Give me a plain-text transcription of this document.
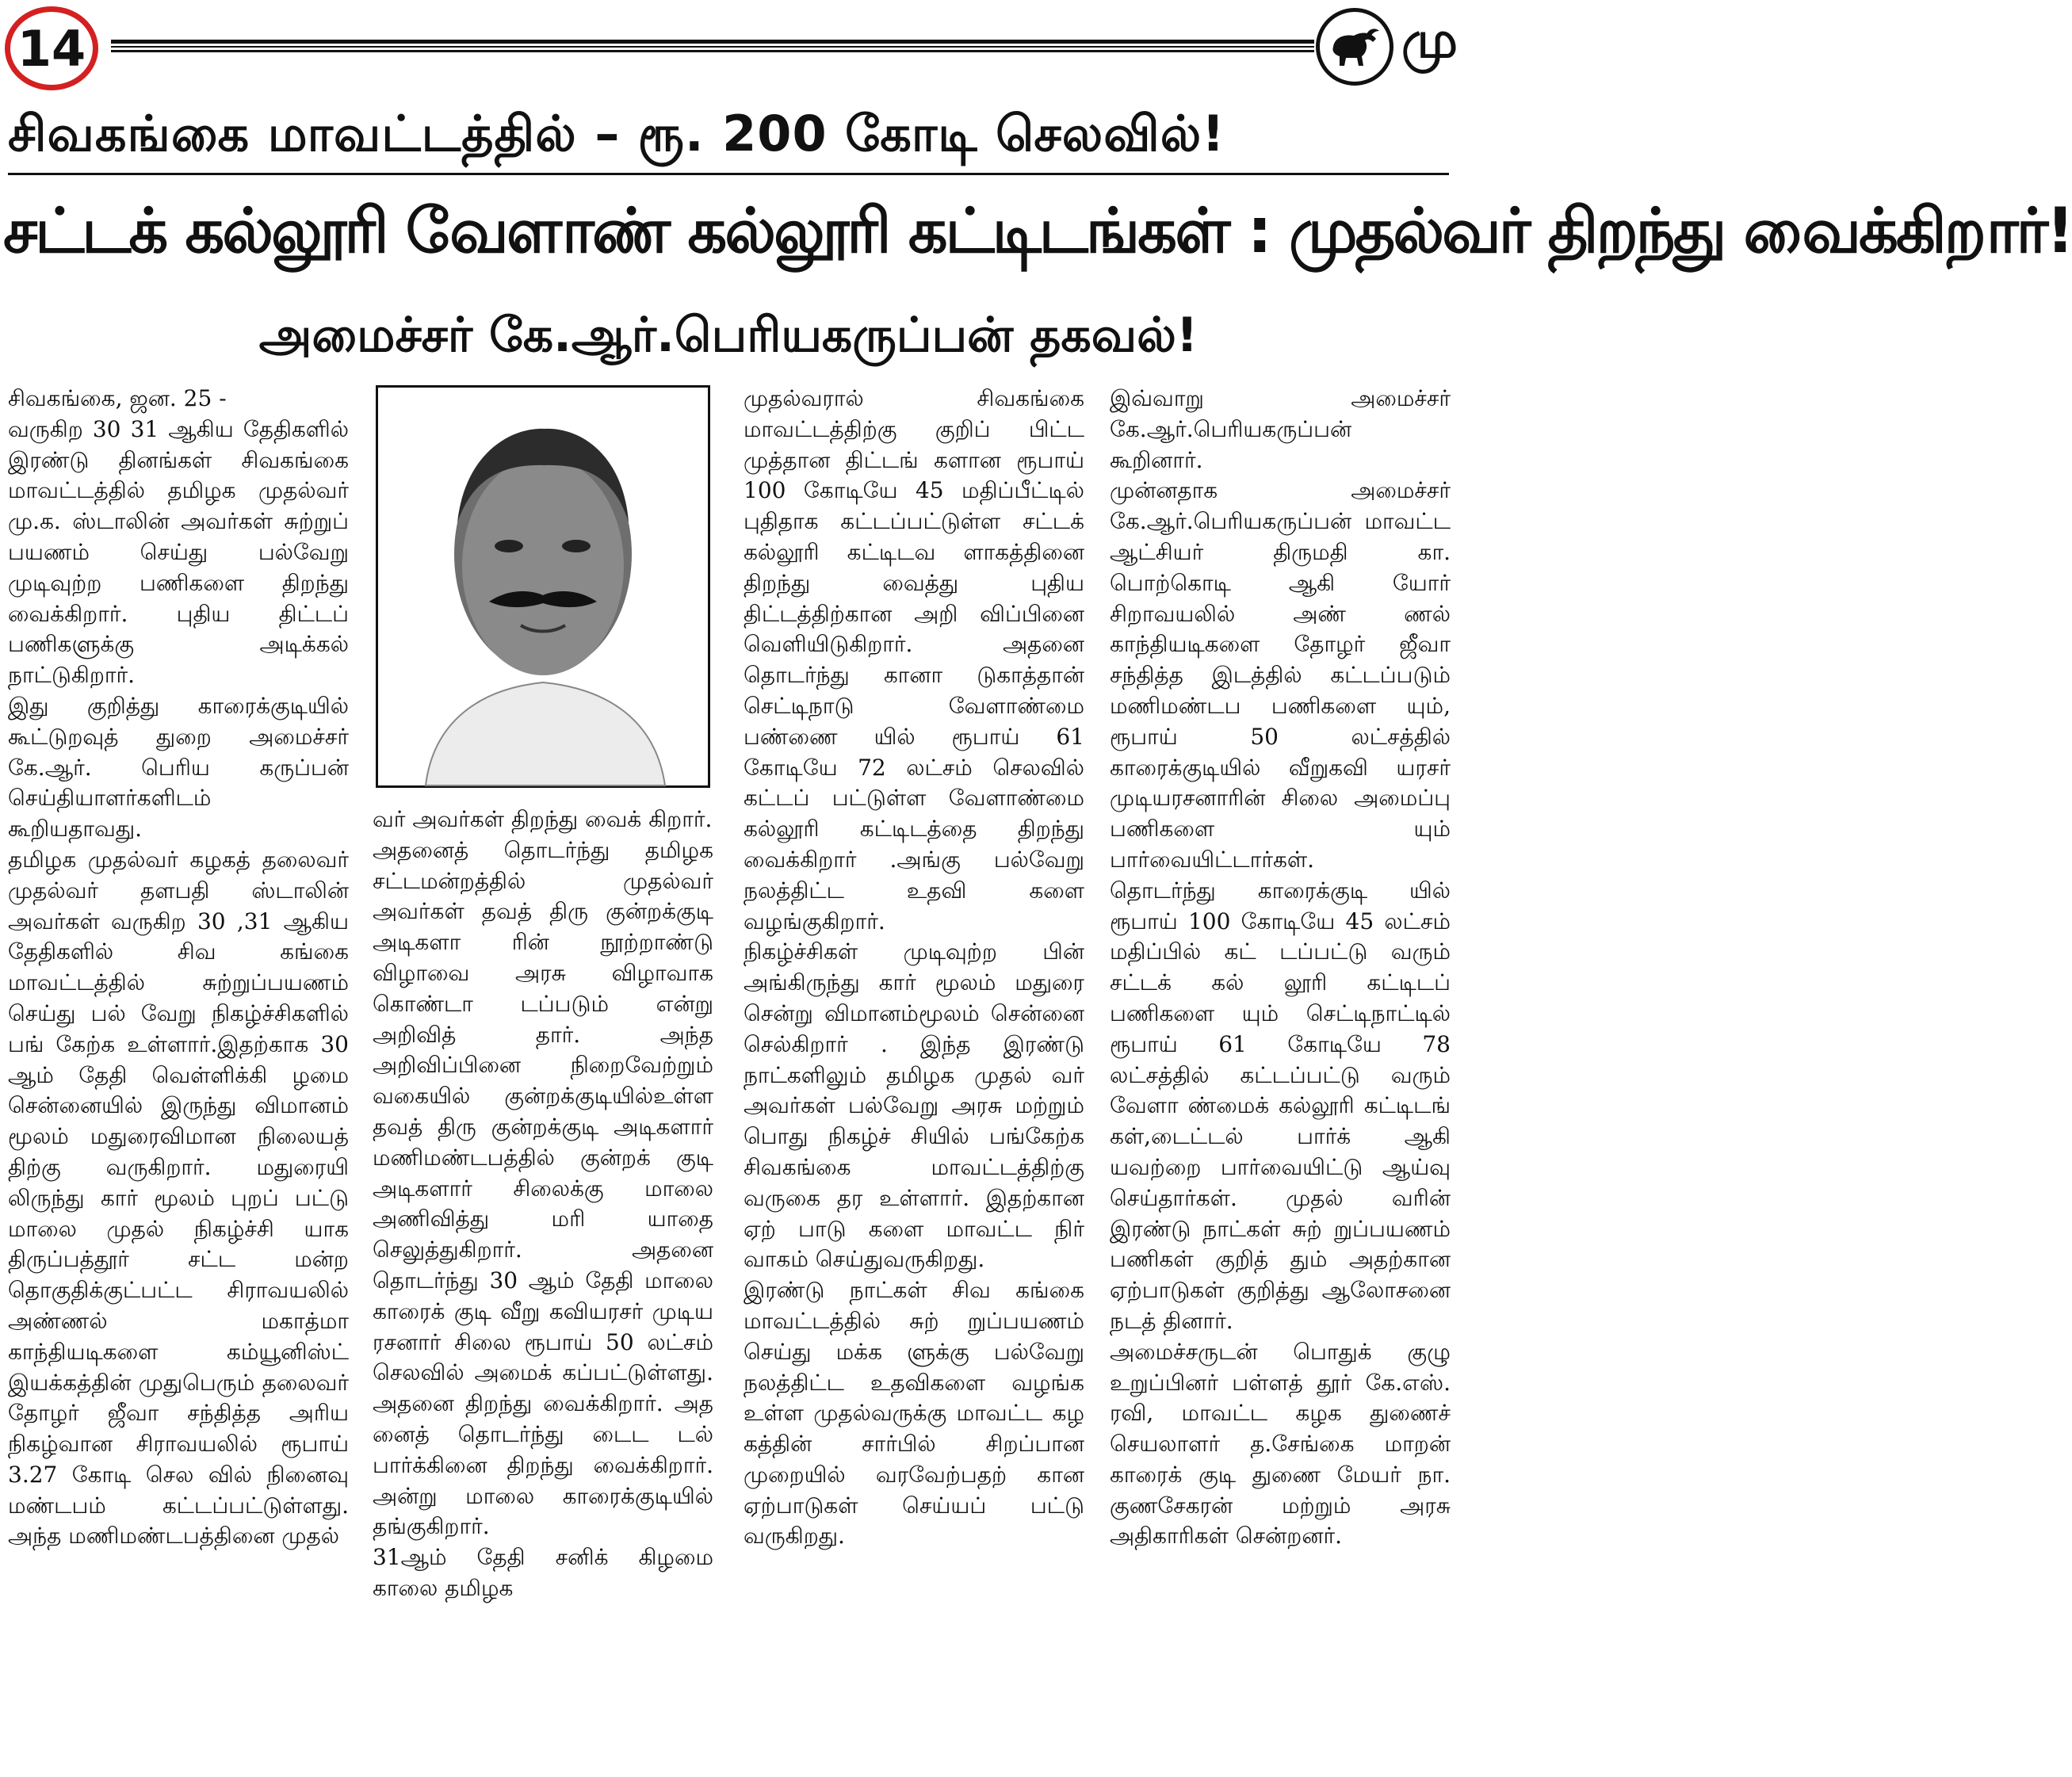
14	மு
சிவகங்கை மாவட்டத்தில் – ரூ. 200 கோடி செலவில்!
சட்டக் கல்லூரி வேளாண் கல்லூரி கட்டிடங்கள் : முதல்வர் திறந்து வைக்கிறார்!
அமைச்சர் கே.ஆர்.பெரியகருப்பன் தகவல்!
சிவகங்கை, ஜன. 25 -
வருகிற 30 31 ஆகிய தேதிகளில் இரண்டு தினங்கள் சிவகங்கை மாவட்டத்தில் தமிழக முதல்வர் மு.க. ஸ்டாலின் அவர்கள் சுற்றுப் பயணம் செய்து பல்வேறு முடிவுற்ற பணிகளை திறந்து வைக்கிறார். புதிய திட்டப் பணிகளுக்கு அடிக்கல் நாட்டுகிறார்.
இது குறித்து காரைக்குடியில் கூட்டுறவுத் துறை அமைச்சர் கே.ஆர். பெரிய கருப்பன் செய்தியாளர்களிடம் கூறியதாவது.
தமிழக முதல்வர் கழகத் தலைவர் முதல்வர் தளபதி ஸ்டாலின் அவர்கள் வருகிற 30 ,31 ஆகிய தேதிகளில் சிவ கங்கை மாவட்டத்தில் சுற்றுப்பயணம் செய்து பல் வேறு நிகழ்ச்சிகளில் பங் கேற்க உள்ளார்.இதற்காக 30 ஆம் தேதி வெள்ளிக்கி ழமை சென்னையில் இருந்து விமானம் மூலம் மதுரைவிமான நிலையத் திற்கு வருகிறார். மதுரையி லிருந்து கார் மூலம் புறப் பட்டு மாலை முதல் நிகழ்ச்சி யாக திருப்பத்தூர் சட்ட மன்ற தொகுதிக்குட்பட்ட சிராவயலில் அண்ணல் மகாத்மா காந்தியடிகளை கம்யூனிஸ்ட் இயக்கத்தின் முதுபெரும் தலைவர் தோழர் ஜீவா சந்தித்த அரிய நிகழ்வான சிராவயலில் ரூபாய் 3.27 கோடி செல வில் நினைவு மண்டபம் கட்டப்பட்டுள்ளது. அந்த மணிமண்டபத்தினை முதல்
வர் அவர்கள் திறந்து வைக் கிறார்.
அதனைத் தொடர்ந்து தமிழக சட்டமன்றத்தில் முதல்வர் அவர்கள் தவத் திரு குன்றக்குடி அடிகளா ரின் நூற்றாண்டு விழாவை அரசு விழாவாக கொண்டா டப்படும் என்று அறிவித் தார். அந்த அறிவிப்பினை நிறைவேற்றும் வகையில் குன்றக்குடியில்உள்ள தவத் திரு குன்றக்குடி அடிகளார் மணிமண்டபத்தில் குன்றக் குடி அடிகளார் சிலைக்கு மாலை அணிவித்து மரி யாதை செலுத்துகிறார். அதனை தொடர்ந்து 30 ஆம் தேதி மாலை காரைக் குடி வீறு கவியரசர் முடிய ரசனார் சிலை ரூபாய் 50 லட்சம் செலவில் அமைக் கப்பட்டுள்ளது. அதனை திறந்து வைக்கிறார். அத னைத் தொடர்ந்து டைட டல் பார்க்கினை திறந்து வைக்கிறார். அன்று மாலை காரைக்குடியில் தங்குகிறார்.
31ஆம் தேதி சனிக் கிழமை காலை தமிழக
முதல்வரால் சிவகங்கை மாவட்டத்திற்கு குறிப் பிட்ட முத்தான திட்டங் களான ரூபாய் 100 கோடியே 45 மதிப்பீட்டில் புதிதாக கட்டப்பட்டுள்ள சட்டக் கல்லூரி கட்டிடவ ளாகத்தினை திறந்து வைத்து புதிய திட்டத்திற்கான அறி விப்பினை வெளியிடுகிறார். அதனை தொடர்ந்து கானா டுகாத்தான் செட்டிநாடு வேளாண்மை பண்ணை யில் ரூபாய் 61 கோடியே 72 லட்சம் செலவில் கட்டப் பட்டுள்ள வேளாண்மை கல்லூரி கட்டிடத்தை திறந்து வைக்கிறார் .அங்கு பல்வேறு நலத்திட்ட உதவி களை வழங்குகிறார்.
நிகழ்ச்சிகள் முடிவுற்ற பின் அங்கிருந்து கார் மூலம் மதுரை சென்று விமானம்மூலம் சென்னை செல்கிறார் . இந்த இரண்டு நாட்களிலும் தமிழக முதல் வர் அவர்கள் பல்வேறு அரசு மற்றும் பொது நிகழ்ச் சியில் பங்கேற்க சிவகங்கை மாவட்டத்திற்கு வருகை தர உள்ளார். இதற்கான ஏற் பாடு களை மாவட்ட நிர் வாகம் செய்துவருகிறது.
இரண்டு நாட்கள் சிவ கங்கை மாவட்டத்தில் சுற் றுப்பயணம் செய்து மக்க ளுக்கு பல்வேறு நலத்திட்ட உதவிகளை வழங்க உள்ள முதல்வருக்கு மாவட்ட கழ கத்தின் சார்பில் சிறப்பான முறையில் வரவேற்பதற் கான ஏற்பாடுகள் செய்யப் பட்டு வருகிறது.
இவ்வாறு அமைச்சர் கே.ஆர்.பெரியகருப்பன் கூறினார்.
முன்னதாக அமைச்சர் கே.ஆர்.பெரியகருப்பன் மாவட்ட ஆட்சியர் திருமதி கா. பொற்கொடி ஆகி யோர் சிறாவயலில் அண் ணல் காந்தியடிகளை தோழர் ஜீவா சந்தித்த இடத்தில் கட்டப்படும் மணிமண்டப பணிகளை யும், ரூபாய் 50 லட்சத்தில் காரைக்குடியில் வீறுகவி யரசர் முடியரசனாரின் சிலை அமைப்பு பணிகளை யும் பார்வையிட்டார்கள்.
தொடர்ந்து காரைக்குடி யில் ரூபாய் 100 கோடியே 45 லட்சம் மதிப்பில் கட் டப்பட்டு வரும் சட்டக் கல் லூரி கட்டிடப் பணிகளை யும் செட்டிநாட்டில் ரூபாய் 61 கோடியே 78 லட்சத்தில் கட்டப்பட்டு வரும் வேளா ண்மைக் கல்லூரி கட்டிடங் கள்,டைட்டல் பார்க் ஆகி யவற்றை பார்வையிட்டு ஆய்வு செய்தார்கள். முதல் வரின் இரண்டு நாட்கள் சுற் றுப்பயணம் பணிகள் குறித் தும் அதற்கான ஏற்பாடுகள் குறித்து ஆலோசனை நடத் தினார்.
அமைச்சருடன் பொதுக் குழு உறுப்பினர் பள்ளத் தூர் கே.எஸ். ரவி, மாவட்ட கழக துணைச் செயலாளர் த.சேங்கை மாறன் காரைக் குடி துணை மேயர் நா. குணசேகரன் மற்றும் அரசு அதிகாரிகள் சென்றனர்.
